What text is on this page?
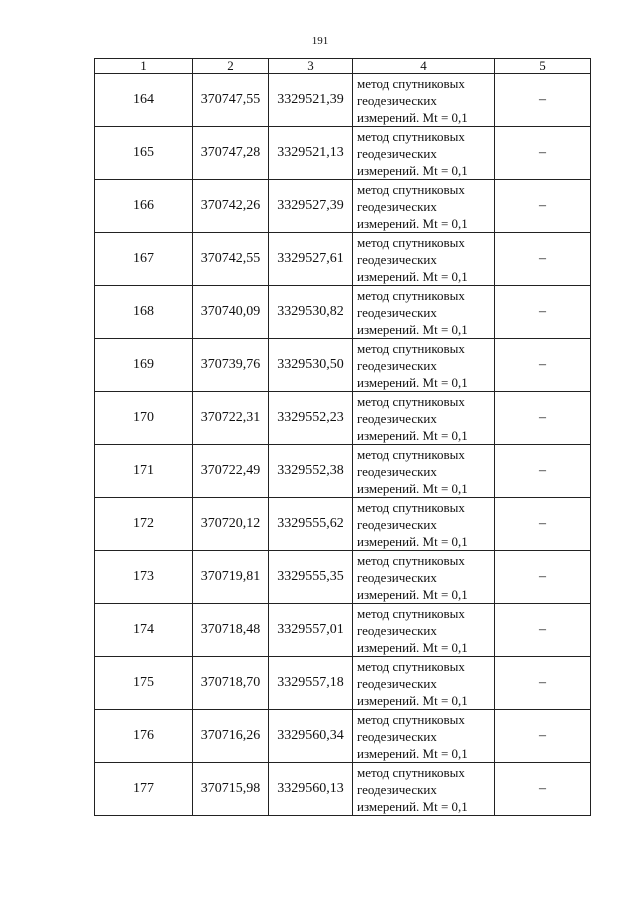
191
1	2	3	4	5
164	370747,55	3329521,39	метод спутниковых
геодезических
измерений. Mt = 0,1	–
165	370747,28	3329521,13	метод спутниковых
геодезических
измерений. Mt = 0,1	–
166	370742,26	3329527,39	метод спутниковых
геодезических
измерений. Mt = 0,1	–
167	370742,55	3329527,61	метод спутниковых
геодезических
измерений. Mt = 0,1	–
168	370740,09	3329530,82	метод спутниковых
геодезических
измерений. Mt = 0,1	–
169	370739,76	3329530,50	метод спутниковых
геодезических
измерений. Mt = 0,1	–
170	370722,31	3329552,23	метод спутниковых
геодезических
измерений. Mt = 0,1	–
171	370722,49	3329552,38	метод спутниковых
геодезических
измерений. Mt = 0,1	–
172	370720,12	3329555,62	метод спутниковых
геодезических
измерений. Mt = 0,1	–
173	370719,81	3329555,35	метод спутниковых
геодезических
измерений. Mt = 0,1	–
174	370718,48	3329557,01	метод спутниковых
геодезических
измерений. Mt = 0,1	–
175	370718,70	3329557,18	метод спутниковых
геодезических
измерений. Mt = 0,1	–
176	370716,26	3329560,34	метод спутниковых
геодезических
измерений. Mt = 0,1	–
177	370715,98	3329560,13	метод спутниковых
геодезических
измерений. Mt = 0,1	–
